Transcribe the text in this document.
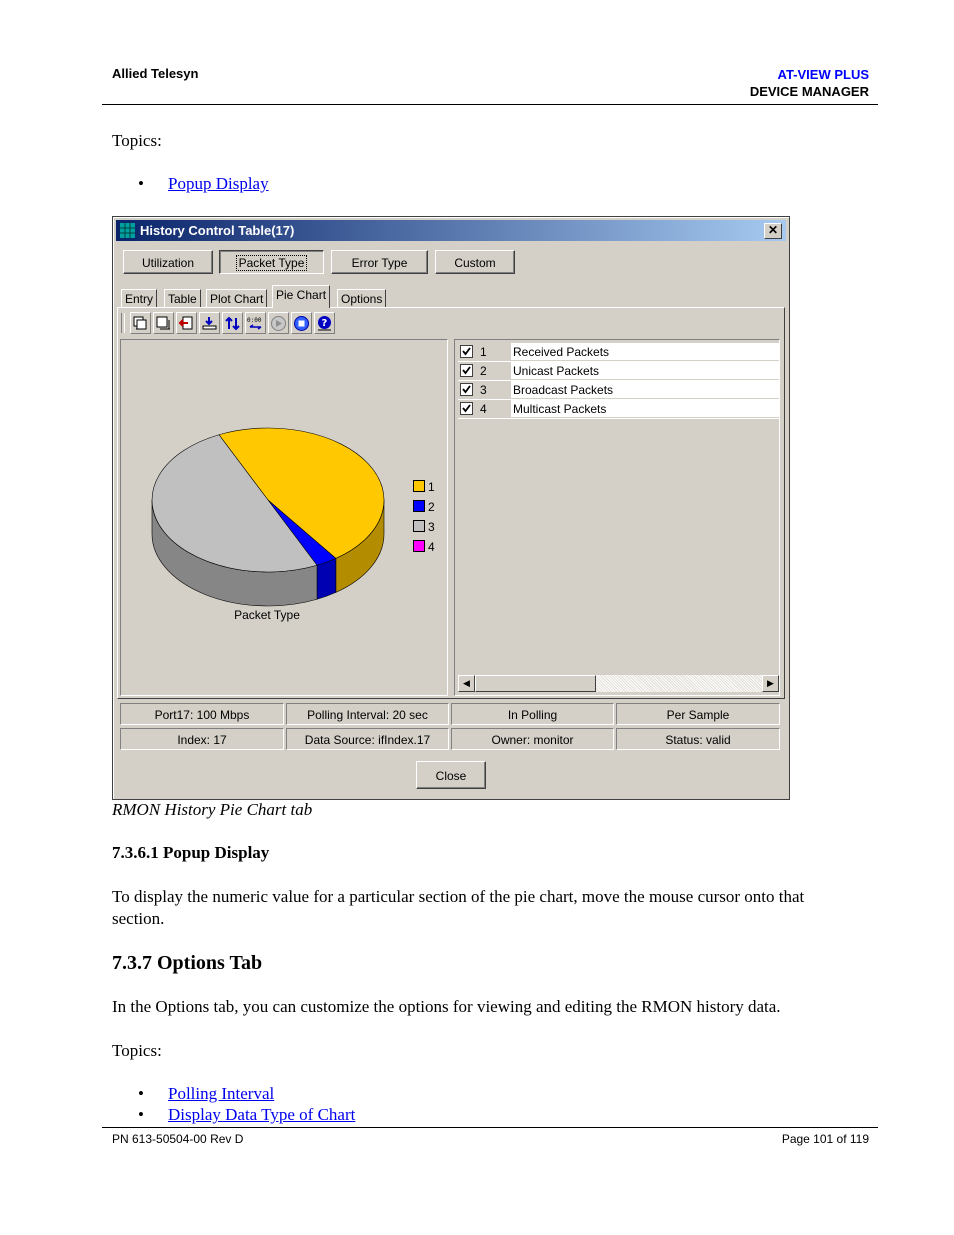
Allied Telesyn	AT-VIEW PLUS
DEVICE MANAGER
Topics:
• Popup Display
History Control Table(17)	✕
Utilization	Packet Type	Error Type	Custom
Entry	Table	Plot Chart	Pie Chart	Options
0:00	?
Packet Type
1
2
3
4
1 Received Packets
2 Unicast Packets
3 Broadcast Packets
4 Multicast Packets
◀	▶
Port17: 100 Mbps	Polling Interval: 20 sec	In Polling	Per Sample
Index: 17	Data Source: ifIndex.17	Owner: monitor	Status: valid
Close
RMON History Pie Chart tab
7.3.6.1 Popup Display
To display the numeric value for a particular section of the pie chart, move the mouse cursor onto that section.
7.3.7 Options Tab
In the Options tab, you can customize the options for viewing and editing the RMON history data.
Topics:
• Polling Interval
• Display Data Type of Chart
PN 613-50504-00 Rev D	Page 101 of 119
